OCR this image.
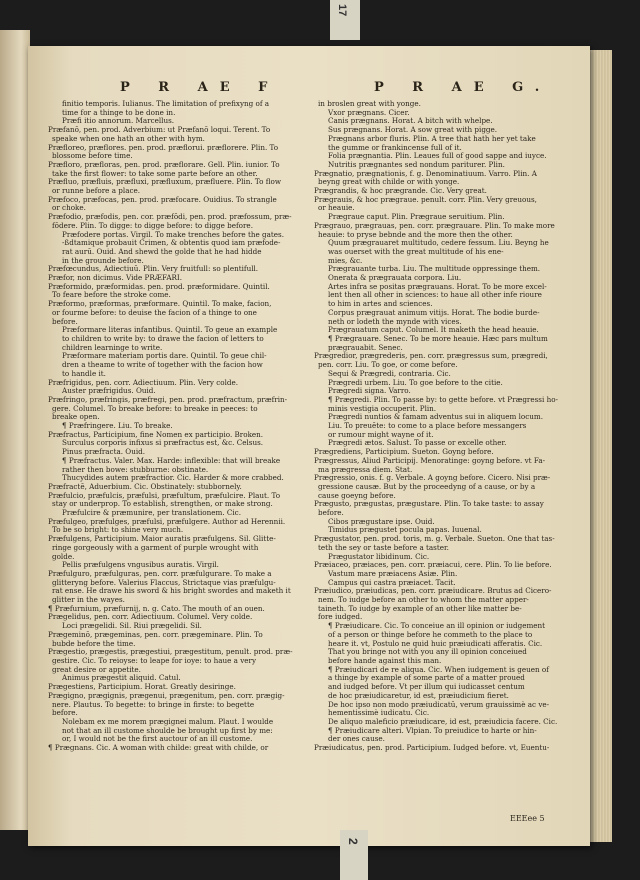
17
P R AE F	P R AE G.

finitio temporis. Iulianus. The limitation of prefixyng of a

time for a thinge to be done in.

Præfi itio annorum. Marcellus.

Præfanō, pen. prod. Adverbium: ut Præfanō loqui. Terent. To

speake when one hath an other with hym.

Præfloreo, præflores. pen. prod. præflorui. præflorere. Plin. To

blossome before time.

Præfloro, præfloras, pen. prod. præflorare. Gell. Plin. iunior. To

take the first flower: to take some parte before an other.

Præfluo, præfluis, præfluxi, præfluxum, præfluere. Plin. To flow

or runne before a place.

Præfoco, præfocas, pen. prod. præfocare. Ouidius. To strangle

or choke.

Præfodio, præfodis, pen. cor. præfōdi, pen. prod. præfossum, præ-

fōdere. Plin. To digge: to digge before: to digge before.

Præfodere portas. Virgil. To make trenches before the gates.

-ßdtamique probauit Crimen, & obtentis quod iam præfode-

rat aurū. Ouid. And shewd the golde that he had hidde

in the grounde before.

Præfœcundus, Adiectiuū. Plin. Very fruitfull: so plentifull.

Præfor, non dicimus. Vide PRÆFARI.

Præformido, præformidas. pen. prod. præformidare. Quintil.

To feare before the stroke come.

Præformo, præformas, præformare. Quintil. To make, facion,

or fourme before: to deuise the facion of a thinge to one

before.

Præformare literas infantibus. Quintil. To geue an example

to children to write by: to drawe the facion of letters to

children learninge to write.

Præformare materiam portis dare. Quintil. To geue chil-

dren a theame to write of together with the facion how

to handle it.

Præfrigidus, pen. corr. Adiectiuum. Plin. Very colde.

Auster præfrigidus. Ouid.

Præfringo, præfringis, præfregi, pen. prod. præfractum, præfrin-

gere. Columel. To breake before: to breake in peeces: to

breake open.

¶ Præfringere. Liu. To breake.

Præfractus, Participium, fine Nomen ex participio. Broken.

Surculus corporis infixus si præfractus est, &c. Celsus.

Pinus præfracta. Ouid.

¶ Præfractus. Valer. Max. Harde: inflexible: that will breake

rather then bowe: stubburne: obstinate.

Thucydides autem præfractior. Cic. Harder & more crabbed.

Præfractē, Aduerbium. Cic. Obstinately: stubbornely.

Præfulcio, præfulcis, præfulsi, præfultum, præfulcire. Plaut. To

stay or underprop. To establish, strengthen, or make strong.

Præfulcire & præmunire, per translationem. Cic.

Præfulgeo, præfulges, præfulsi, præfulgere. Author ad Herennii.

To be so bright: to shine very much.

Præfulgens, Participium. Maior auratis præfulgens. Sil. Glitte-

ringe gorgeously with a garment of purple wrought with

golde.

Pellis præfulgens vngusibus auratis. Virgil.

Præfulguro, præfulguras, pen. corr. præfulgurare. To make a

glitteryng before. Valerius Flaccus, Strictaque vias præfulgu-

rat ense. He drawe his sword & his bright swordes and maketh it

glitter in the wayes.

¶ Præfurnium, præfurnij, n. g. Cato. The mouth of an ouen.

Prægelidus, pen. corr. Adiectiuum. Columel. Very colde.

Loci prægelidi. Sil. Riui prægelidi. Sil.

Prægeminō, prægeminas, pen. corr. prægeminare. Plin. To

bubde before the time.

Prægestio, prægestis, prægestiui, prægestitum, penult. prod. præ-

gestire. Cic. To reioyse: to leape for ioye: to haue a very

great desire or appetite.

Animus prægestit aliquid. Catul.

Prægestiens, Participium. Horat. Greatly desiringe.

Prægigno, prægignis, prægenui, prægenitum, pen. corr. prægig-

nere. Plautus. To begette: to bringe in firste: to begette

before.

Nolebam ex me morem prægignei malum. Plaut. I woulde

not that an ill custome shoulde be brought up first by me:

or, I would not be the first auctour of an ill custome.

¶ Prægnans. Cic. A woman with childe: great with childe, or

in broslen great with yonge.

Vxor prægnans. Cicer.

Canis prægnans. Horat. A bitch with whelpe.

Sus prægnans. Horat. A sow great with pigge.

Prægnans arbor fluris. Plin. A tree that hath her yet take

the gumme or frankincense full of it.

Folia prægnantia. Plin. Leaues full of good sappe and iuyce.

Nutritis prægnantes sed nondum pariturer. Plin.

Prægnatio, prægnationis, f. g. Denominatiuum. Varro. Plin. A

beyng great with childe or with yonge.

Prægrandis, & hoc prægrande. Cic. Very great.

Prægrauis, & hoc prægraue. penult. corr. Plin. Very greuous,

or heauie.

Prægraue caput. Plin. Prægraue seruitium. Plin.

Prægrauo, prægrauas, pen. corr. prægrauare. Plin. To make more

heauie: to pryse bebnde and the more then the other.

Quum prægrauaret multitudo, cedere fessum. Liu. Beyng he

was ouerset with the great multitude of his ene-

mies, &c.

Prægrauante turba. Liu. The multitude oppressinge them.

Onerata & prægrauata corpora. Liu.

Artes infra se positas prægrauans. Horat. To be more excel-

lent then all other in sciences: to haue all other infe rioure

to him in artes and sciences.

Corpus prægrauat animum vitijs. Horat. The bodie burde-

neth or lodeth the mynde with vices.

Prægrauatum caput. Columel. It maketh the head heauie.

¶ Prægrauare. Senec. To be more heauie. Hæc pars multum

prægrauabit. Senec.

Prægredior, prægrederis, pen. corr. prægressus sum, prægredi,

pen. corr. Liu. To goe, or come before.

Sequi & Prægredi, contraria. Cic.

Prægredi urbem. Liu. To goe before to the citie.

Prægredi signa. Varro.

¶ Prægredi. Plin. To passe by: to gette before. vt Prægressi ho-

minis vestigia occuperit. Plin.

Prægredi nuntios & famam adventus sui in aliquem locum.

Liu. To preuēte: to come to a place before messangers

or rumour might wayne of it.

Prægredi ætos. Salust. To passe or excelle other.

Prægrediens, Participium. Sueton. Goyng before.

Prægressus, Aliud Participij. Menoratinge: goyng before. vt Fa-

ma prægressa diem. Stat.

Prægressio, onis. f. g. Verbale. A goyng before. Cicero. Nisi præ-

gressione causæ. But by the proceedyng of a cause, or by a

cause goeyng before.

Prægusto, prægustas, prægustare. Plin. To take taste: to assay

before.

Cibos prægustare ipse. Ouid.

Timidus prægustet pocula papas. Iuuenal.

Prægustator, pen. prod. toris, m. g. Verbale. Sueton. One that tas-

teth the sey or taste before a taster.

Prægustator libidinum. Cic.

Præiaceo, præiaces, pen. corr. præiacui, cere. Plin. To lie before.

Vastum mare præiacens Asiæ. Plin.

Campus qui castra præiacet. Tacit.

Præiudico, præiudicas, pen. corr. præiudicare. Brutus ad Cicero-

nem. To iudge before an other to whom the matter apper-

taineth. To iudge by example of an other like matter be-

fore iudged.

¶ Præiudicare. Cic. To conceiue an ill opinion or iudgement

of a person or thinge before he commeth to the place to

heare it. vt, Postulo ne quid huic præiudicati afferatis. Cic.

That you bringe not with you any ill opinion conceiued

before hande against this man.

¶ Præiudicari de re aliqua. Cic. When iudgement is geuen of

a thinge by example of some parte of a matter proued

and iudged before. Vt per illum qui iudicasset centum

de hoc præiudicaretur, id est, præiudicium fieret.

De hoc ipso non modo præiudicatū, verum grauissimè ac ve-

hementissimè iudicatu. Cic.

De aliquo maleficio præiudicare, id est, præiudicia facere. Cic.

¶ Præiudicare alteri. Vlpian. To preiudice to harte or hin-

der ones cause.

Præiudicatus, pen. prod. Participium. Iudged before. vt, Euentu-

EEEee 5
2
